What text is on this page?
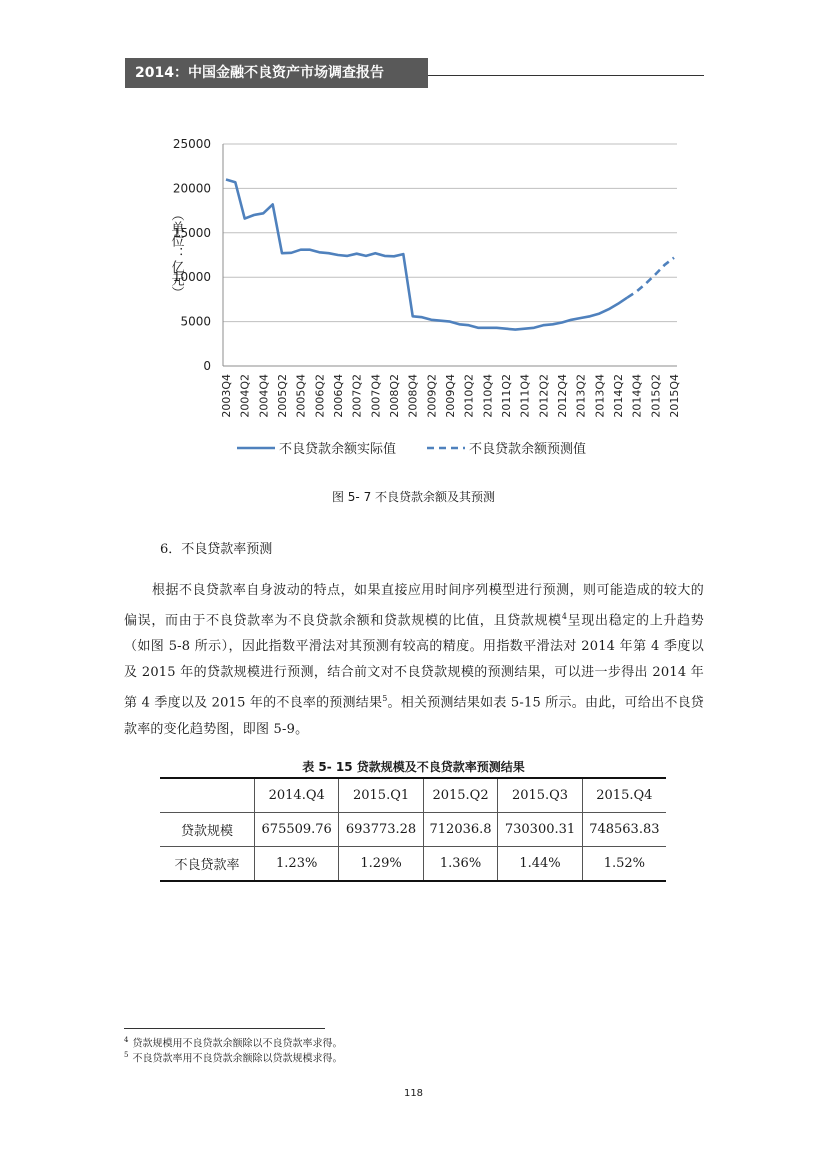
2014：中国金融不良资产市场调查报告
0
5000
10000
15000
20000
25000
2003Q4 2004Q2 2004Q4 2005Q2 2005Q4 2006Q2 2006Q4 2007Q2 2007Q4 2008Q2 2008Q4 2009Q2 2009Q4 2010Q2 2010Q4 2011Q2 2011Q4 2012Q2 2012Q4 2013Q2 2013Q4 2014Q2 2014Q4 2015Q2 2015Q4
（单位：亿元）
不良贷款余额实际值	不良贷款余额预测值
图 5- 7 不良贷款余额及其预测
6．不良贷款率预测

根据不良贷款率自身波动的特点，如果直接应用时间序列模型进行预测，则可能造成的较大的偏误，而由于不良贷款率为不良贷款余额和贷款规模的比值，且贷款规模$^4$呈现出稳定的上升趋势（如图 5-8 所示），因此指数平滑法对其预测有较高的精度。用指数平滑法对 2014 年第 4 季度以及 2015 年的贷款规模进行预测，结合前文对不良贷款规模的预测结果，可以进一步得出 2014 年第 4 季度以及 2015 年的不良率的预测结果$^5$。相关预测结果如表 5-15 所示。由此，可给出不良贷款率的变化趋势图，即图 5-9。

表 5- 15 贷款规模及不良贷款率预测结果
	2014.Q4	2015.Q1	2015.Q2	2015.Q3	2015.Q4
贷款规模	675509.76	693773.28	712036.8	730300.31	748563.83
不良贷款率	1.23%	1.29%	1.36%	1.44%	1.52%
$^4$ 贷款规模用不良贷款余额除以不良贷款率求得。
$^5$ 不良贷款率用不良贷款余额除以贷款规模求得。
118
